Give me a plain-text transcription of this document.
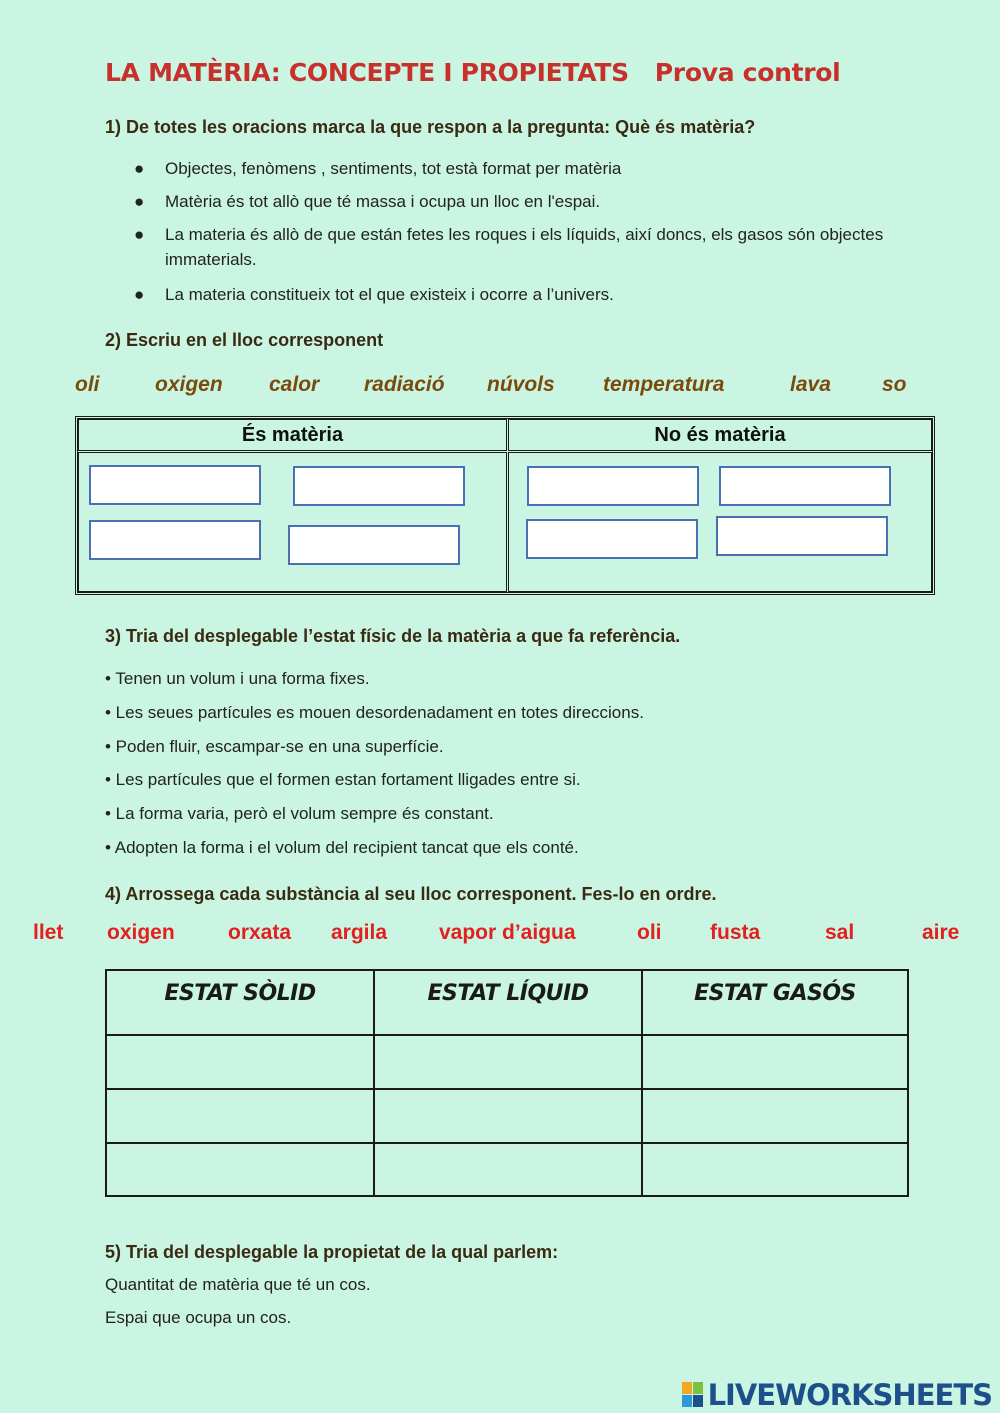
LA MATÈRIA: CONCEPTE I PROPIETATS Prova control
1) De totes les oracions marca la que respon a la pregunta: Què és matèria?
● Objectes, fenòmens , sentiments, tot està format per matèria
● Matèria és tot allò que té massa i ocupa un lloc en l'espai.
● La materia és allò de que están fetes les roques i els líquids, així doncs, els gasos són objectes immaterials.
● La materia constitueix tot el que existeix i ocorre a l’univers.
2) Escriu en el lloc corresponent
oli	oxigen calor radiació núvols temperatura	lava so
És matèria	No és matèria
3) Tria del desplegable l’estat físic de la matèria a que fa referència.
• Tenen un volum i una forma fixes.
• Les seues partícules es mouen desordenadament en totes direccions.
• Poden fluir, escampar-se en una superfície.
• Les partícules que el formen estan fortament lligades entre si.
• La forma varia, però el volum sempre és constant.
• Adopten la forma i el volum del recipient tancat que els conté.
4) Arrossega cada substància al seu lloc corresponent. Fes-lo en ordre.
llet oxigen	orxata argila vapor d’aigua	oli fusta	sal	aire
ESTAT SÒLID	ESTAT LÍQUID	ESTAT GASÓS

5) Tria del desplegable la propietat de la qual parlem:
Quantitat de matèria que té un cos.
Espai que ocupa un cos.
LIVEWORKSHEETS
